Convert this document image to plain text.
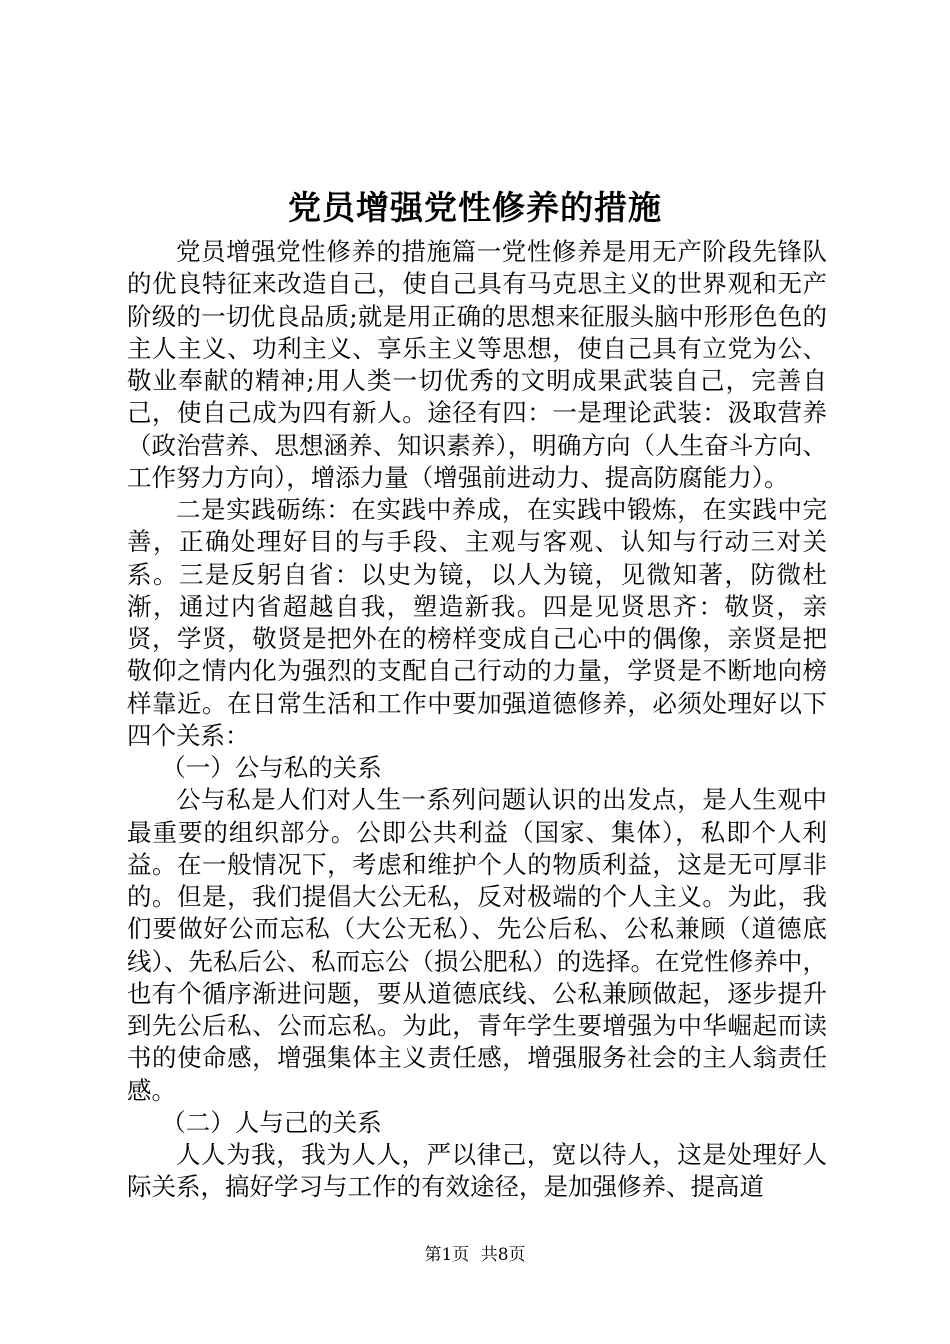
党员增强党性修养的措施

党员增强党性修养的措施篇一党性修养是用无产阶段先锋队的优良特征来改造自己，使自己具有马克思主义的世界观和无产阶级的一切优良品质;就是用正确的思想来征服头脑中形形色色的主人主义、功利主义、享乐主义等思想，使自己具有立党为公、敬业奉献的精神;用人类一切优秀的文明成果武装自己，完善自己，使自己成为四有新人。途径有四：一是理论武装：汲取营养（政治营养、思想涵养、知识素养），明确方向（人生奋斗方向、工作努力方向），增添力量（增强前进动力、提高防腐能力）。

二是实践砺练：在实践中养成，在实践中锻炼，在实践中完善，正确处理好目的与手段、主观与客观、认知与行动三对关系。三是反躬自省：以史为镜，以人为镜，见微知著，防微杜渐，通过内省超越自我，塑造新我。四是见贤思齐：敬贤，亲贤，学贤，敬贤是把外在的榜样变成自己心中的偶像，亲贤是把敬仰之情内化为强烈的支配自己行动的力量，学贤是不断地向榜样靠近。在日常生活和工作中要加强道德修养，必须处理好以下四个关系：

（一）公与私的关系

公与私是人们对人生一系列问题认识的出发点，是人生观中最重要的组织部分。公即公共利益（国家、集体），私即个人利益。在一般情况下，考虑和维护个人的物质利益，这是无可厚非的。但是，我们提倡大公无私，反对极端的个人主义。为此，我们要做好公而忘私（大公无私）、先公后私、公私兼顾（道德底线）、先私后公、私而忘公（损公肥私）的选择。在党性修养中，也有个循序渐进问题，要从道德底线、公私兼顾做起，逐步提升到先公后私、公而忘私。为此，青年学生要增强为中华崛起而读书的使命感，增强集体主义责任感，增强服务社会的主人翁责任感。

（二）人与己的关系

人人为我，我为人人，严以律己，宽以待人，这是处理好人际关系，搞好学习与工作的有效途径，是加强修养、提高道

第1页 共8页
